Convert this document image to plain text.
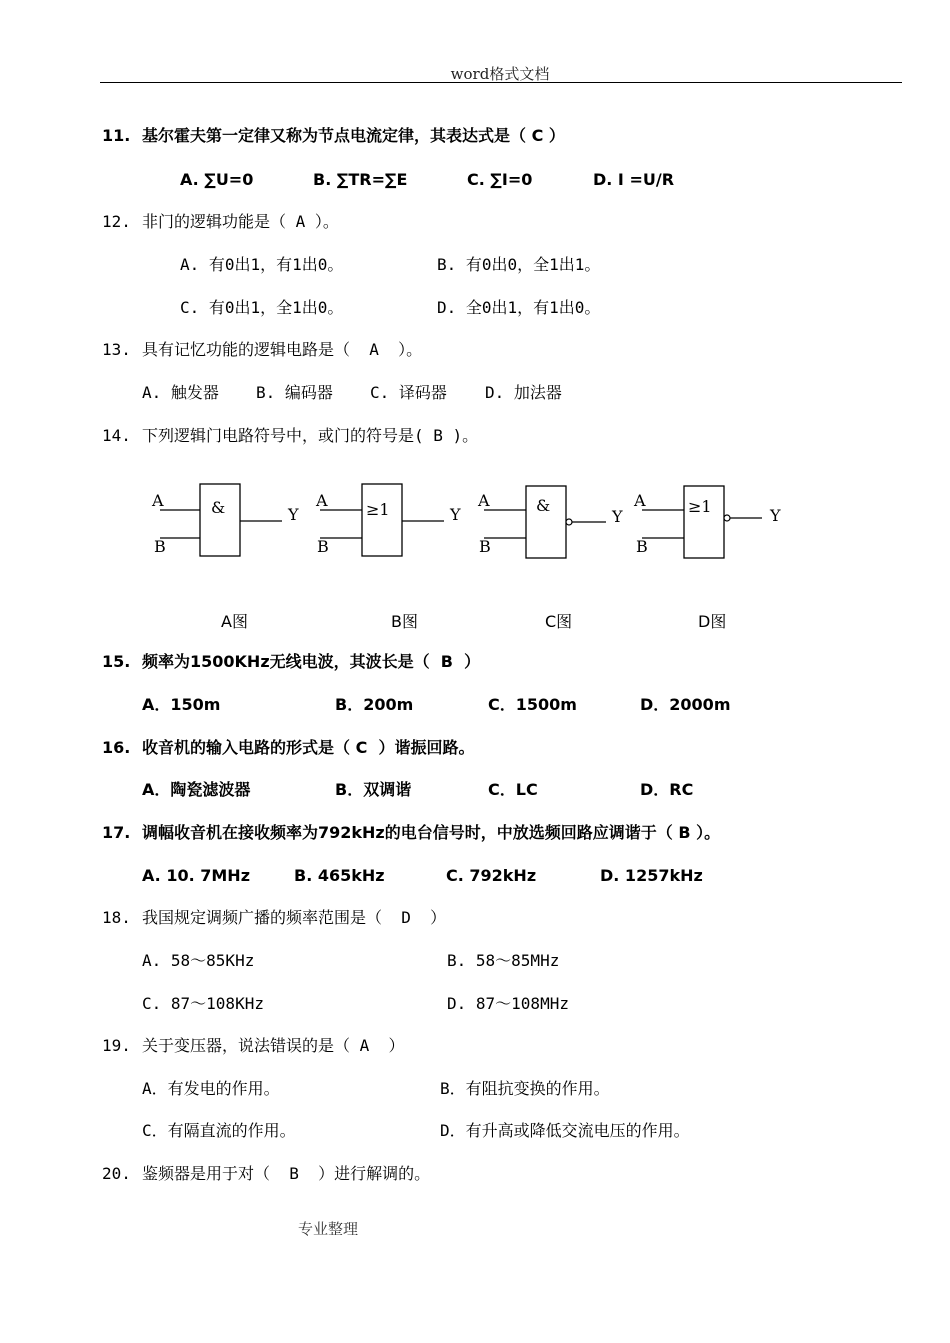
word格式文档
11. 基尔霍夫第一定律又称为节点电流定律，其表达式是（ C ）
A. ∑U=0	B. ∑TR=∑E	C. ∑I=0	D. I =U/R
12. 非门的逻辑功能是（ A ）。
A. 有0出1，有1出0。	B. 有0出0，全1出1。
C. 有0出1，全1出0。	D. 全0出1，有1出0。
13. 具有记忆功能的逻辑电路是（  A  ）。
A. 触发器 B. 编码器 C. 译码器 D. 加法器
14. 下列逻辑门电路符号中，或门的符号是( B )。
A
B
&	Y
A
B
≥1	Y
A
B
&
Y
A
B
≥1	Y
A图	B图	C图	D图
15. 频率为1500KHz无线电波，其波长是（  B  ）
A．150m	B．200m	C．1500m	D．2000m
16. 收音机的输入电路的形式是（ C  ）谐振回路。
A．陶瓷滤波器	B．双调谐	C．LC	D．RC
17. 调幅收音机在接收频率为792kHz的电台信号时，中放选频回路应调谐于（ B ）。
A. 10. 7MHz	B. 465kHz	C. 792kHz	D. 1257kHz
18. 我国规定调频广播的频率范围是（  D  ）
A. 58～85KHz	B. 58～85MHz
C. 87～108KHz	D. 87～108MHz
19. 关于变压器，说法错误的是（ A  ）
A．有发电的作用。	B．有阻抗变换的作用。
C．有隔直流的作用。	D．有升高或降低交流电压的作用。
20. 鉴频器是用于对（  B  ）进行解调的。
专业整理
